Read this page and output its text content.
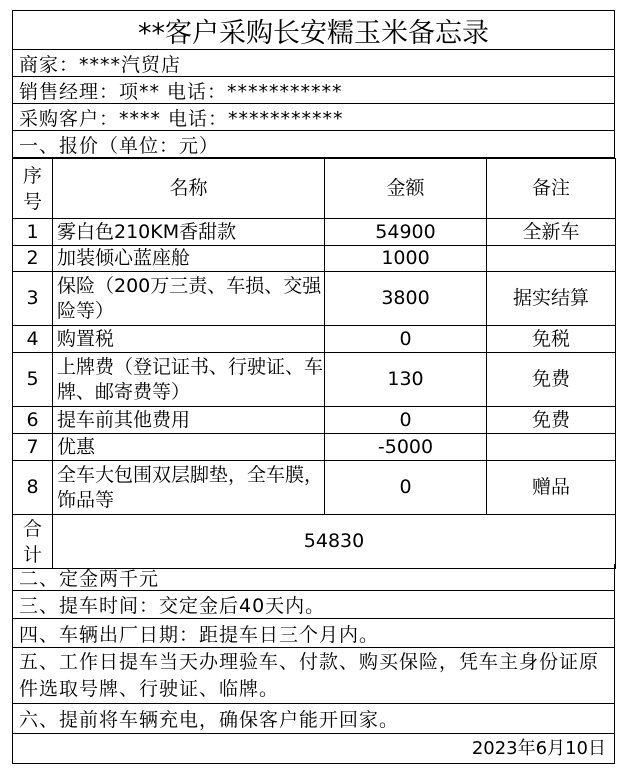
**客户采购长安糯玉米备忘录
商家：****汽贸店
销售经理：项** 电话：***********
采购客户：**** 电话：***********
一、报价（单位：元）
序号	名称	金额	备注
1	雾白色210KM香甜款	54900	全新车
2	加装倾心蓝座舱	1000	
3	保险（200万三责、车损、交强险等）	3800	据实结算
4	购置税	0	免税
5	上牌费（登记证书、行驶证、车牌、邮寄费等）	130	免费
6	提车前其他费用	0	免费
7	优惠	-5000	
8	全车大包围双层脚垫，全车膜，饰品等	0	赠品
合计	54830		
二、定金两千元
三、提车时间：交定金后40天内。
四、车辆出厂日期：距提车日三个月内。
五、工作日提车当天办理验车、付款、购买保险，凭车主身份证原件选取号牌、行驶证、临牌。
六、提前将车辆充电，确保客户能开回家。
2023年6月10日
